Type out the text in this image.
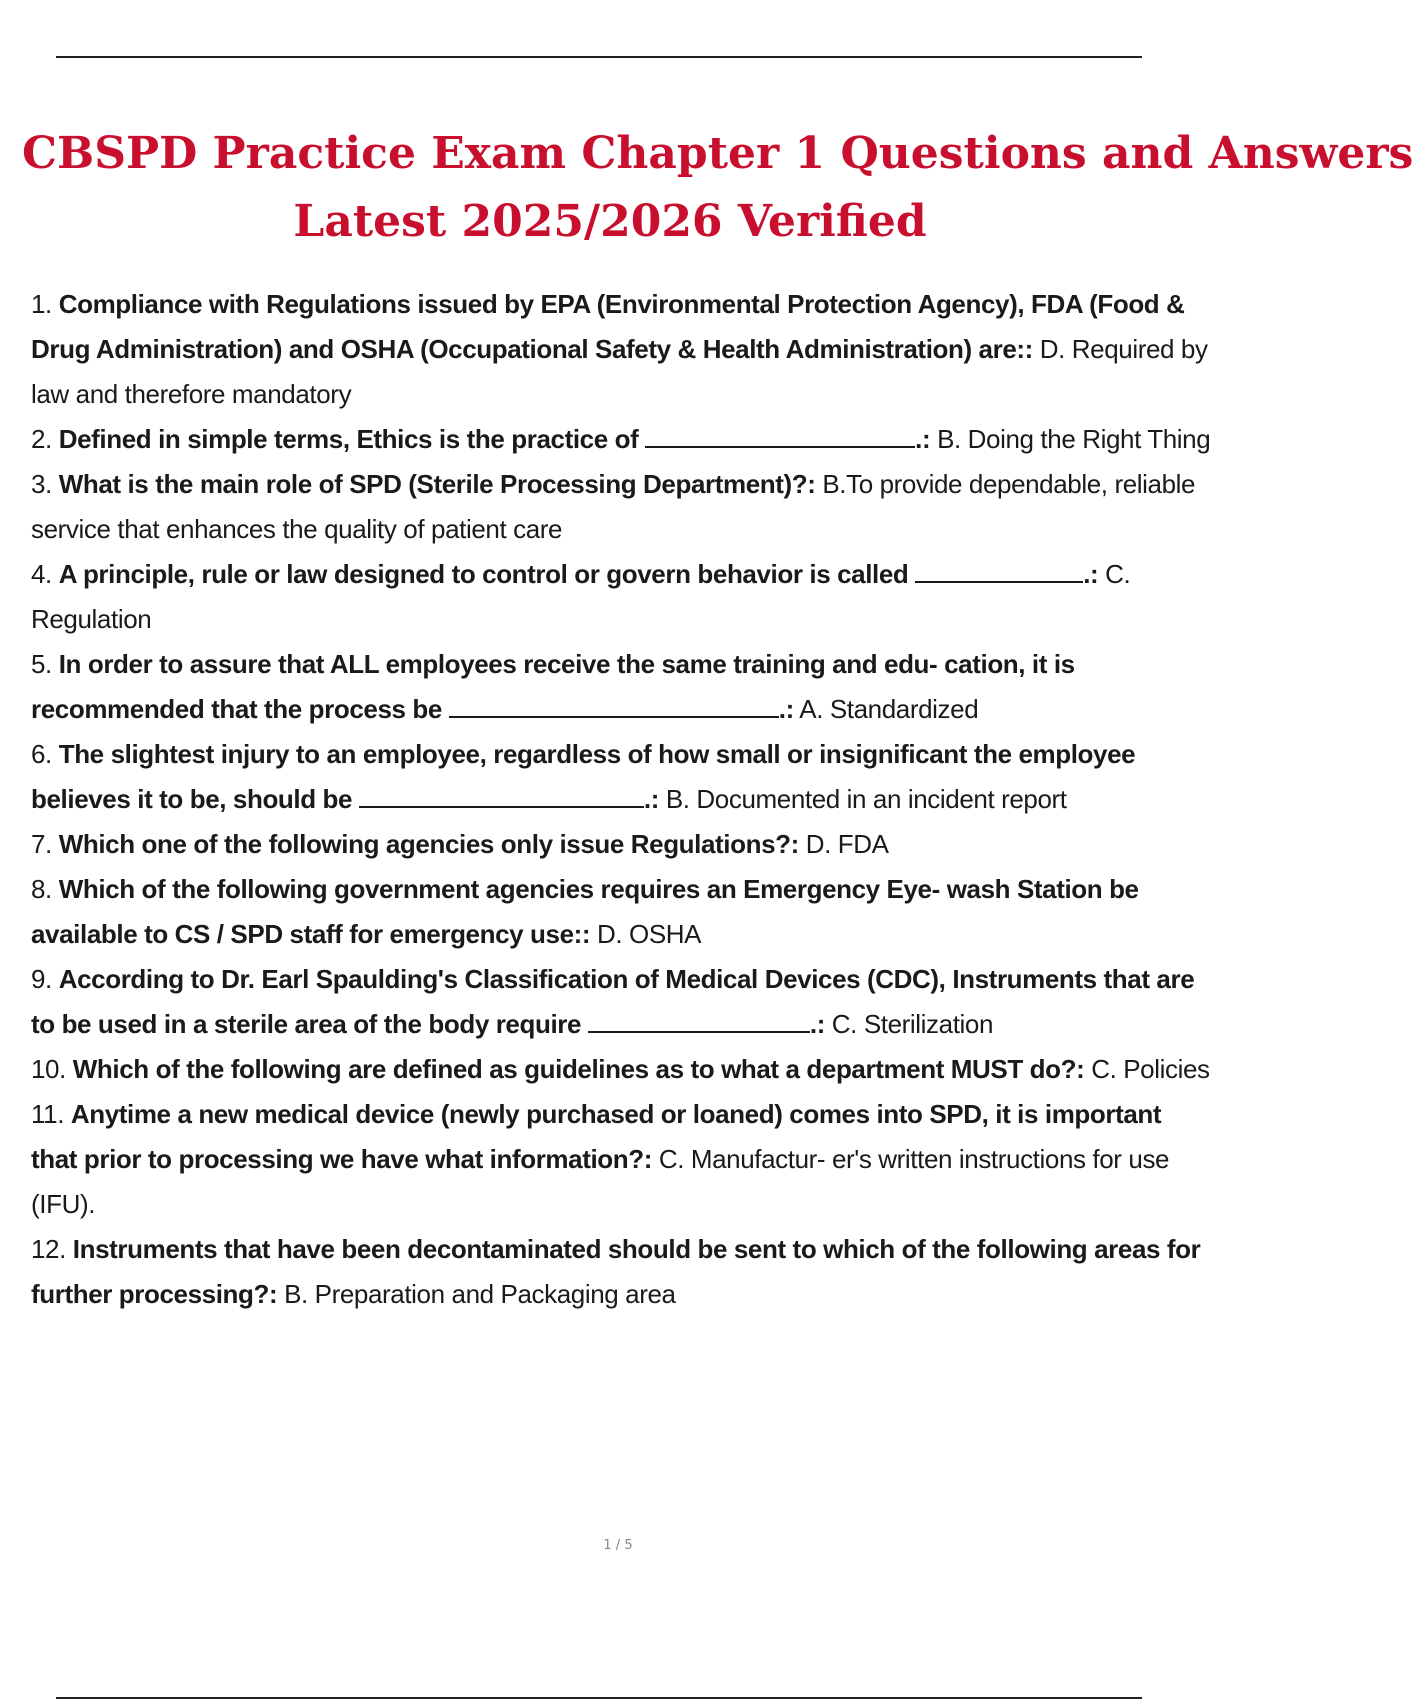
CBSPD Practice Exam Chapter 1 Questions and Answers
Latest 2025/2026 Verified
1. Compliance with Regulations issued by EPA (Environmental Protection Agency), FDA (Food & Drug Administration) and OSHA (Occupational Safety & Health Administration) are:: D. Required by law and therefore mandatory
2. Defined in simple terms, Ethics is the practice of	.: B. Doing the Right Thing
3. What is the main role of SPD (Sterile Processing Department)?: B.To provide dependable, reliable service that enhances the quality of patient care
4. A principle, rule or law designed to control or govern behavior is called	.: C. Regulation
5. In order to assure that ALL employees receive the same training and edu- cation, it is recommended that the process be	.: A. Standardized
6. The slightest injury to an employee, regardless of how small or insignificant the employee believes it to be, should be	.: B. Documented in an incident report
7. Which one of the following agencies only issue Regulations?: D. FDA
8. Which of the following government agencies requires an Emergency Eye- wash Station be available to CS / SPD staff for emergency use:: D. OSHA
9. According to Dr. Earl Spaulding's Classification of Medical Devices (CDC), Instruments that are to be used in a sterile area of the body require	.: C. Sterilization
10. Which of the following are defined as guidelines as to what a department MUST do?: C. Policies
11. Anytime a new medical device (newly purchased or loaned) comes into SPD, it is important that prior to processing we have what information?: C. Manufactur- er's written instructions for use (IFU).
12. Instruments that have been decontaminated should be sent to which of the following areas for further processing?: B. Preparation and Packaging area
1 / 5
